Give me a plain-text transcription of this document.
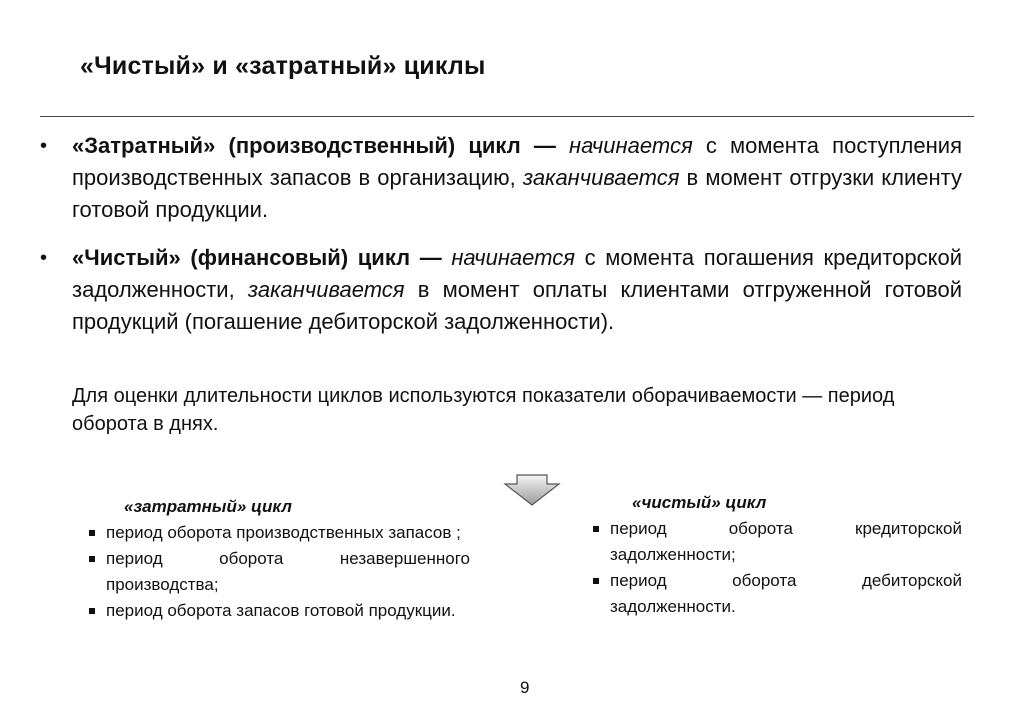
«Чистый» и «затратный» циклы
• «Затратный» (производственный) цикл — начинается с момента поступления производственных запасов в организацию, заканчивается в момент отгрузки клиенту готовой продукции.
• «Чистый» (финансовый) цикл — начинается с момента погашения кредиторской задолженности, заканчивается в момент оплаты клиентами отгруженной готовой продукций (погашение дебиторской задолженности).
Для оценки длительности циклов используются показатели оборачиваемости — период оборота в днях.
«затратный» цикл
период оборота производственных запасов ;
период оборота незавершенного производства;
период оборота запасов готовой продукции.
«чистый» цикл
период оборота кредиторской задолженности;
период оборота дебиторской задолженности.
9
